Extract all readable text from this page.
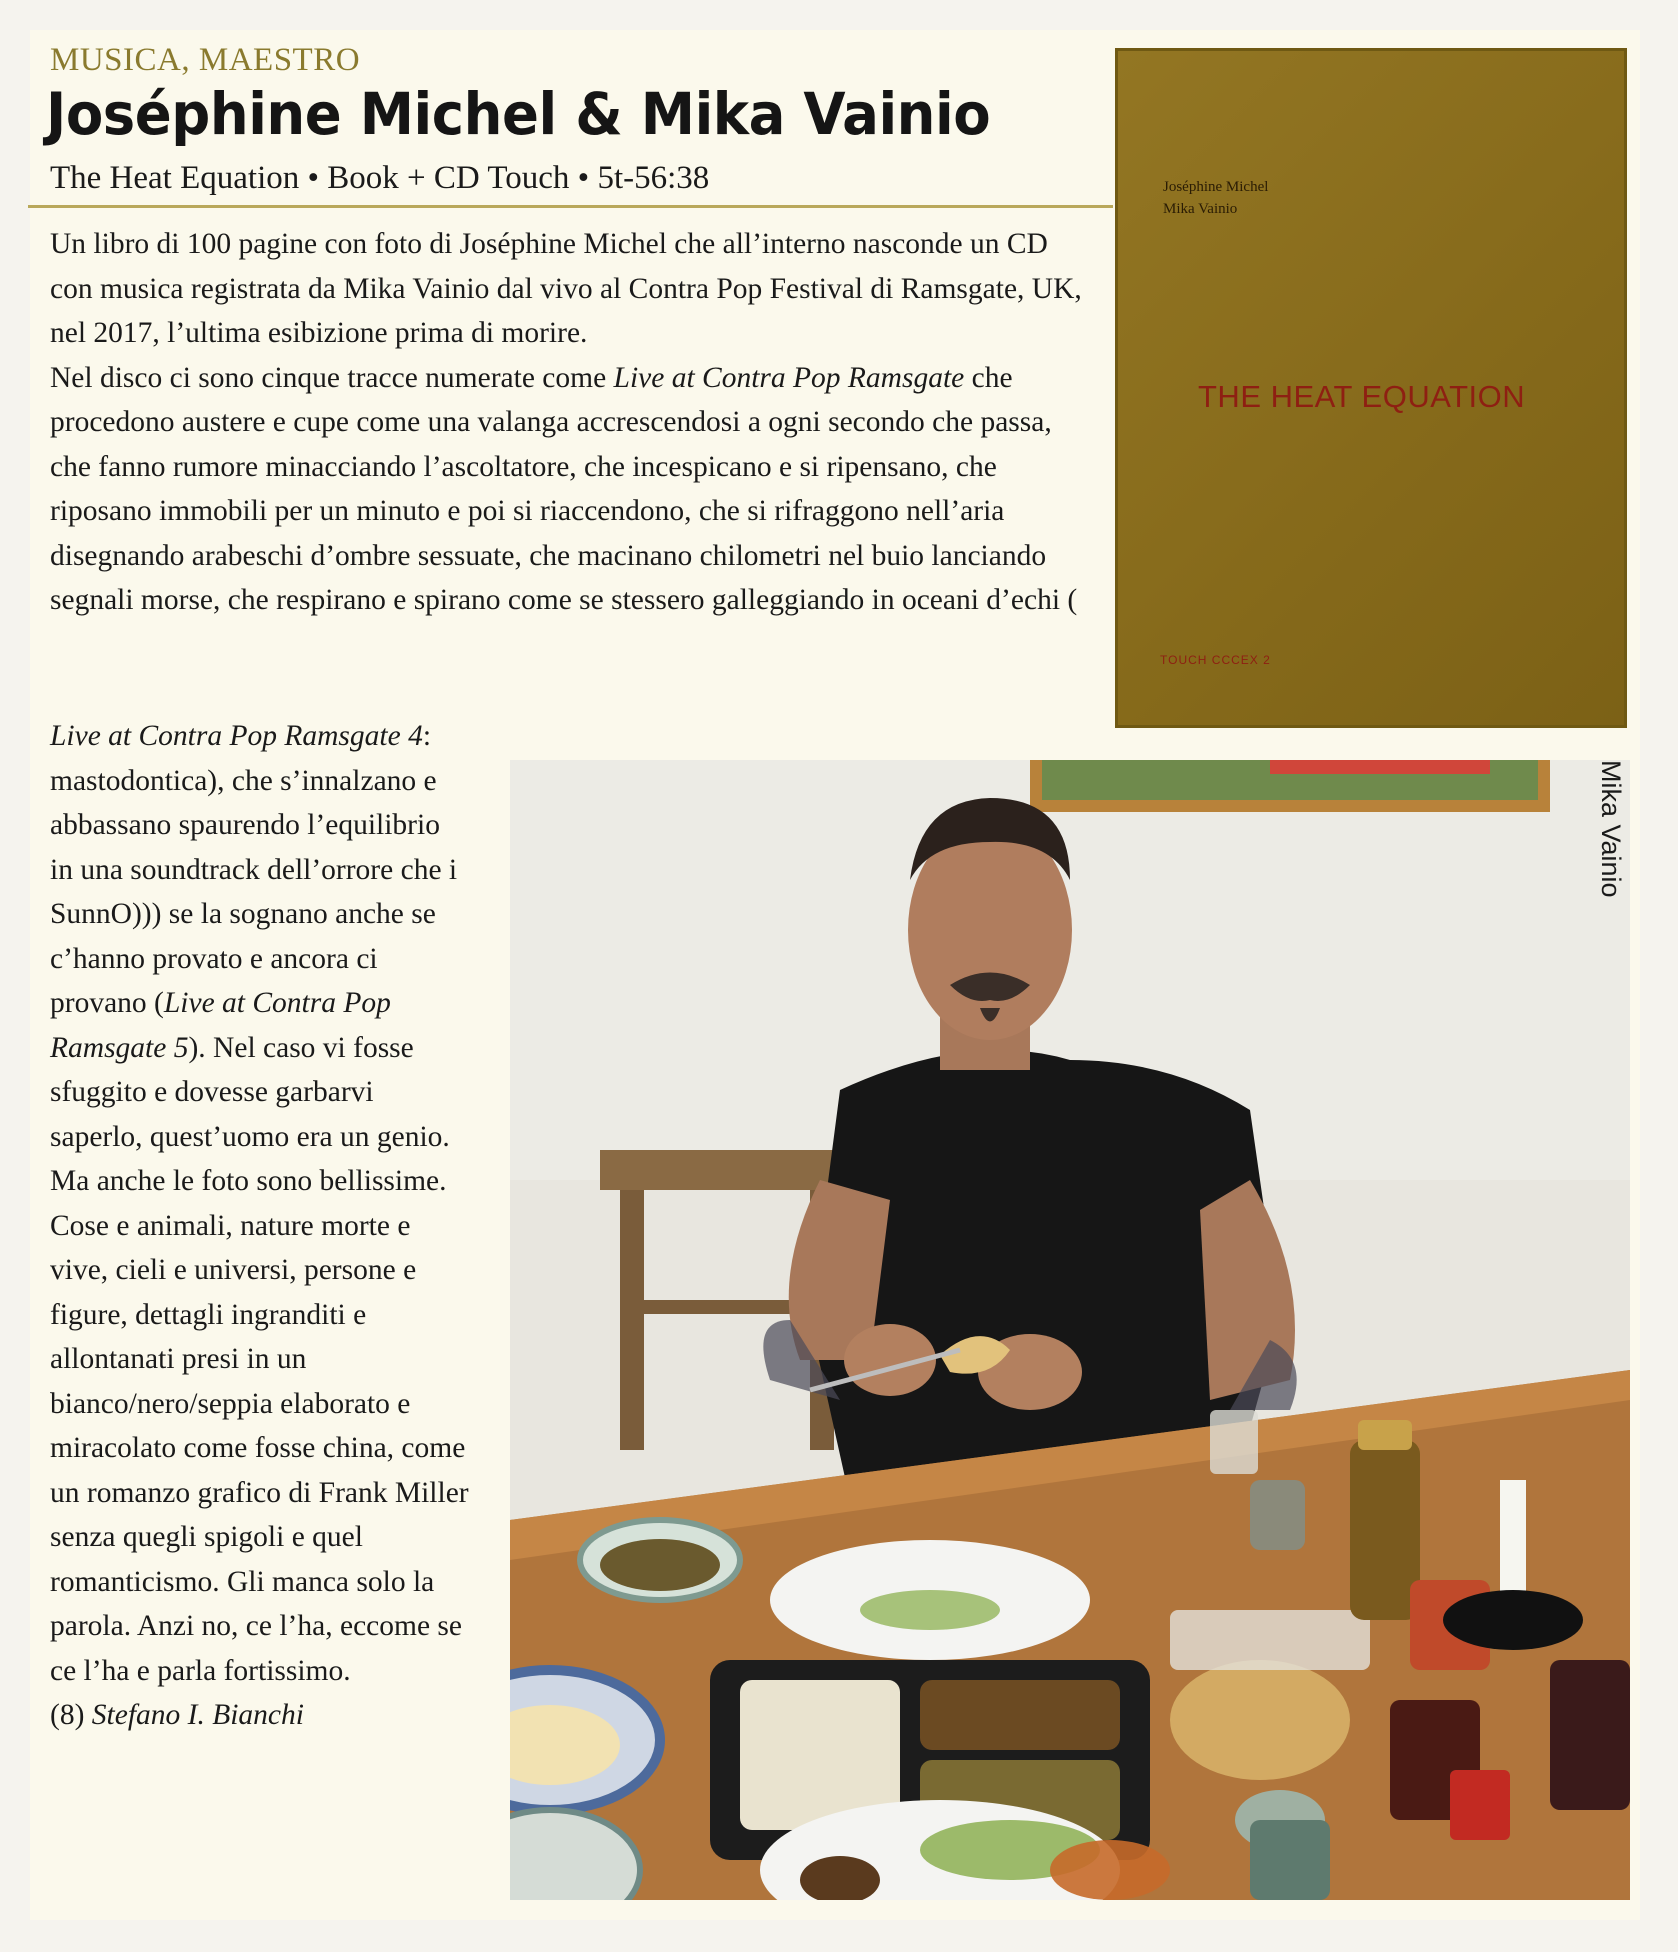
MUSICA, MAESTRO
Joséphine Michel & Mika Vainio
The Heat Equation • Book + CD Touch • 5t-56:38	Joséphine Michel
Mika Vainio
THE HEAT EQUATION
TOUCH CCCEX 2

Un libro di 100 pagine con foto di Joséphine Michel che all’interno nasconde un CD con musica registrata da Mika Vainio dal vivo al Contra Pop Festival di Ramsgate, UK, nel 2017, l’ultima esibizione prima di morire.

Nel disco ci sono cinque tracce numerate come Live at Contra Pop Ramsgate che procedono austere e cupe come una valanga accrescendosi a ogni secondo che passa, che fanno rumore minacciando l’ascoltatore, che incespicano e si ripensano, che riposano immobili per un minuto e poi si riaccendono, che si rifraggono nell’aria disegnando arabeschi d’ombre sessuate, che macinano chilometri nel buio lanciando segnali morse, che respirano e spirano come se stessero galleggiando in oceani d’echi (

Live at Contra Pop Ramsgate 4: mastodontica), che s’innalzano e abbassano spaurendo l’equilibrio in una soundtrack dell’orrore che i SunnO))) se la sognano anche se c’hanno provato e ancora ci provano (Live at Contra Pop Ramsgate 5). Nel caso vi fosse sfuggito e dovesse garbarvi saperlo, quest’uomo era un genio.

Ma anche le foto sono bellissime. Cose e animali, nature morte e vive, cieli e universi, persone e figure, dettagli ingranditi e allontanati presi in un bianco/nero/seppia elaborato e miracolato come fosse china, come un romanzo grafico di Frank Miller senza quegli spigoli e quel romanticismo. Gli manca solo la parola. Anzi no, ce l’ha, eccome se ce l’ha e parla fortissimo.

(8) Stefano I. Bianchi

Mika Vainio
